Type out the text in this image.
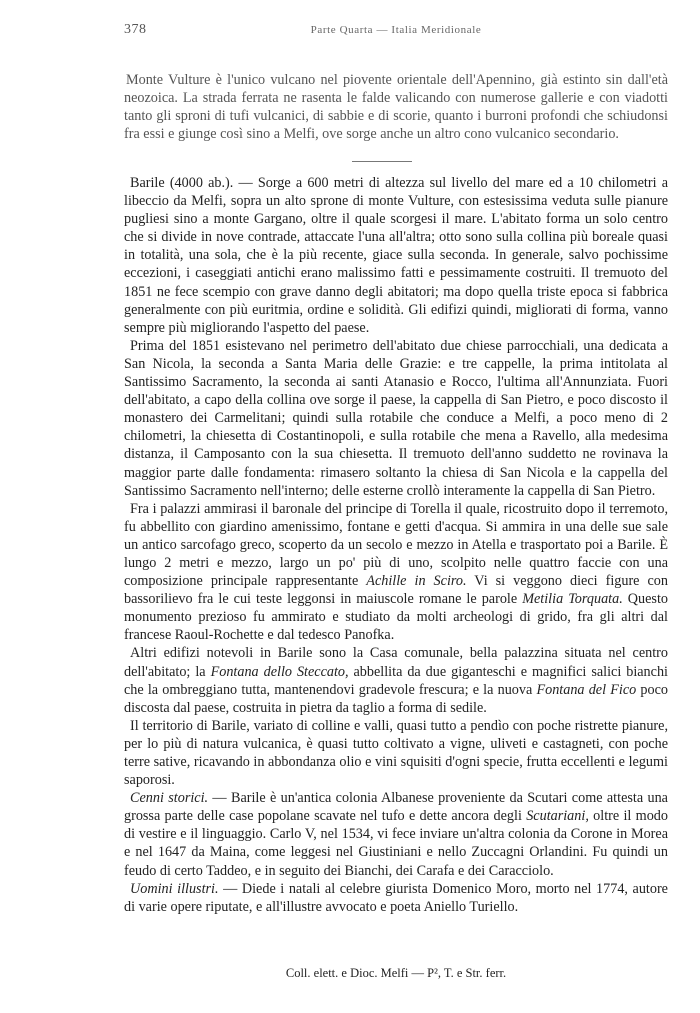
378	Parte Quarta — Italia Meridionale

Monte Vulture è l'unico vulcano nel piovente orientale dell'Apennino, già estinto sin dall'età neozoica. La strada ferrata ne rasenta le falde valicando con numerose gallerie e con viadotti tanto gli sproni di tufi vulcanici, di sabbie e di scorie, quanto i burroni profondi che schiudonsi fra essi e giunge così sino a Melfi, ove sorge anche un altro cono vulcanico secondario.

Barile (4000 ab.). — Sorge a 600 metri di altezza sul livello del mare ed a 10 chilometri a libeccio da Melfi, sopra un alto sprone di monte Vulture, con estesissima veduta sulle pianure pugliesi sino a monte Gargano, oltre il quale scorgesi il mare. L'abitato forma un solo centro che si divide in nove contrade, attaccate l'una all'altra; otto sono sulla collina più boreale quasi in totalità, una sola, che è la più recente, giace sulla seconda. In generale, salvo pochissime eccezioni, i caseggiati antichi erano malissimo fatti e pessimamente costruiti. Il tremuoto del 1851 ne fece scempio con grave danno degli abitatori; ma dopo quella triste epoca si fabbrica generalmente con più euritmia, ordine e solidità. Gli edifizi quindi, migliorati di forma, vanno sempre più migliorando l'aspetto del paese.

Prima del 1851 esistevano nel perimetro dell'abitato due chiese parrocchiali, una dedicata a San Nicola, la seconda a Santa Maria delle Grazie: e tre cappelle, la prima intitolata al Santissimo Sacramento, la seconda ai santi Atanasio e Rocco, l'ultima all'Annunziata. Fuori dell'abitato, a capo della collina ove sorge il paese, la cappella di San Pietro, e poco discosto il monastero dei Carmelitani; quindi sulla rotabile che conduce a Melfi, a poco meno di 2 chilometri, la chiesetta di Costantinopoli, e sulla rotabile che mena a Ravello, alla medesima distanza, il Camposanto con la sua chiesetta. Il tremuoto dell'anno suddetto ne rovinava la maggior parte dalle fondamenta: rimasero soltanto la chiesa di San Nicola e la cappella del Santissimo Sacramento nell'interno; delle esterne crollò interamente la cappella di San Pietro.

Fra i palazzi ammirasi il baronale del principe di Torella il quale, ricostruito dopo il terremoto, fu abbellito con giardino amenissimo, fontane e getti d'acqua. Si ammira in una delle sue sale un antico sarcofago greco, scoperto da un secolo e mezzo in Atella e trasportato poi a Barile. È lungo 2 metri e mezzo, largo un po' più di uno, scolpito nelle quattro faccie con una composizione principale rappresentante Achille in Sciro. Vi si veggono dieci figure con bassorilievo fra le cui teste leggonsi in maiuscole romane le parole Metilia Torquata. Questo monumento prezioso fu ammirato e studiato da molti archeologi di grido, fra gli altri dal francese Raoul-Rochette e dal tedesco Panofka.

Altri edifizi notevoli in Barile sono la Casa comunale, bella palazzina situata nel centro dell'abitato; la Fontana dello Steccato, abbellita da due giganteschi e magnifici salici bianchi che la ombreggiano tutta, mantenendovi gradevole frescura; e la nuova Fontana del Fico poco discosta dal paese, costruita in pietra da taglio a forma di sedile.

Il territorio di Barile, variato di colline e valli, quasi tutto a pendìo con poche ristrette pianure, per lo più di natura vulcanica, è quasi tutto coltivato a vigne, uliveti e castagneti, con poche terre sative, ricavando in abbondanza olio e vini squisiti d'ogni specie, frutta eccellenti e legumi saporosi.

Cenni storici. — Barile è un'antica colonia Albanese proveniente da Scutari come attesta una grossa parte delle case popolane scavate nel tufo e dette ancora degli Scutariani, oltre il modo di vestire e il linguaggio. Carlo V, nel 1534, vi fece inviare un'altra colonia da Corone in Morea e nel 1647 da Maina, come leggesi nel Giustiniani e nello Zuccagni Orlandini. Fu quindi un feudo di certo Taddeo, e in seguito dei Bianchi, dei Carafa e dei Caracciolo.

Uomini illustri. — Diede i natali al celebre giurista Domenico Moro, morto nel 1774, autore di varie opere riputate, e all'illustre avvocato e poeta Aniello Turiello.

Coll. elett. e Dioc. Melfi — P², T. e Str. ferr.
